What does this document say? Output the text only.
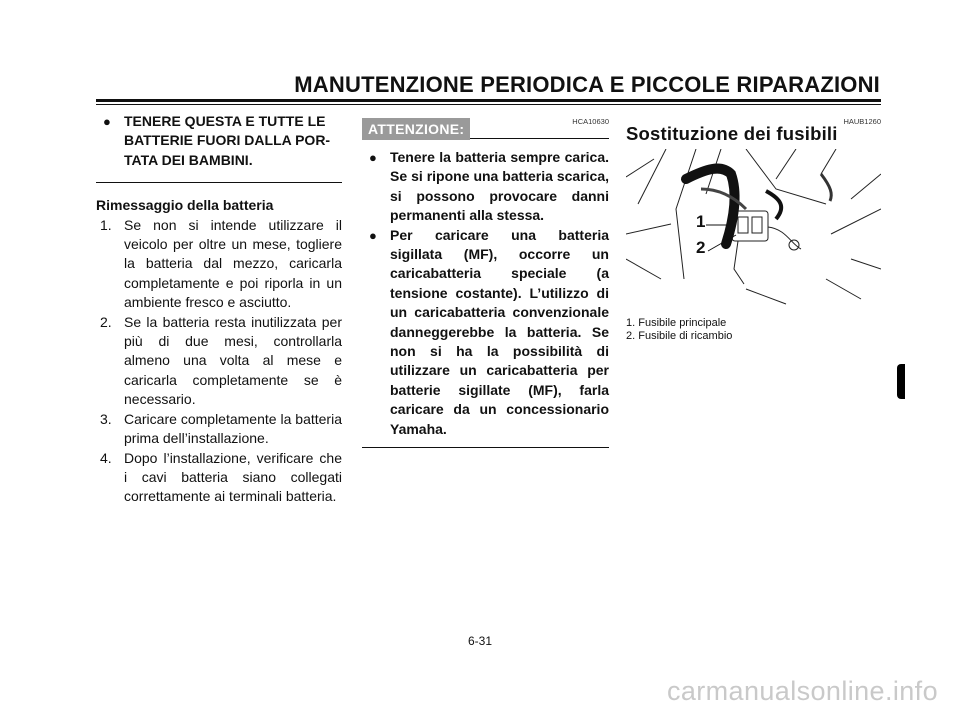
MANUTENZIONE PERIODICA E PICCOLE RIPARAZIONI
● TENERE QUESTA E TUTTE LE
BATTERIE FUORI DALLA POR-
TATA DEI BAMBINI.
Rimessaggio della batteria
1. Se non si intende utilizzare il veicolo per oltre un mese, togliere la batteria dal mezzo, caricarla completamente e poi riporla in un ambiente fresco e asciutto.
2. Se la batteria resta inutilizzata per più di due mesi, controllarla almeno una volta al mese e caricarla completamente se è necessario.
3. Caricare completamente la batteria prima dell’installazione.
4. Dopo l’installazione, verificare che i cavi batteria siano collegati correttamente ai terminali batteria.
HCA10630
ATTENZIONE:
● Tenere la batteria sempre carica. Se si ripone una batteria scarica, si possono provocare danni permanenti alla stessa.
● Per caricare una batteria sigillata (MF), occorre un caricabatteria speciale (a tensione costante). L’utilizzo di un caricabatteria convenzionale danneggerebbe la batteria. Se non si ha la possibilità di utilizzare un caricabatteria per batterie sigillate (MF), farla caricare da un concessionario Yamaha.
HAUB1260
Sostituzione dei fusibili
1
2
1. Fusibile principale
2. Fusibile di ricambio
6-31
carmanualsonline.info
